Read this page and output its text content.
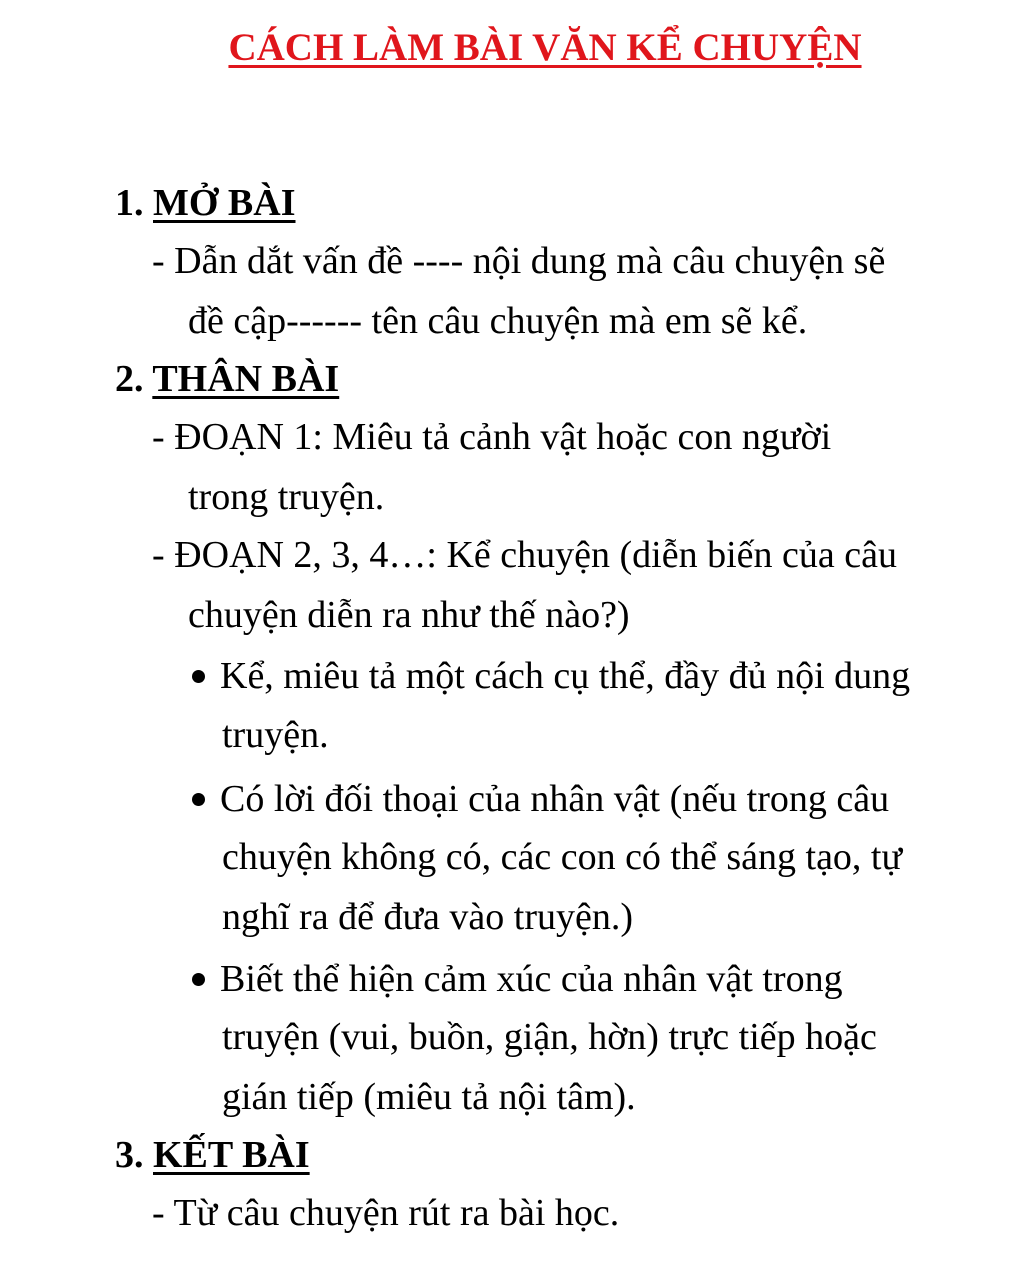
CÁCH LÀM BÀI VĂN KỂ CHUYỆN
1. MỞ BÀI
- Dẫn dắt vấn đề ---- nội dung mà câu chuyện sẽ
đề cập------ tên câu chuyện mà em sẽ kể.
2. THÂN BÀI
- ĐOẠN 1: Miêu tả cảnh vật hoặc con người
trong truyện.
- ĐOẠN 2, 3, 4…: Kể chuyện (diễn biến của câu
chuyện diễn ra như thế nào?)
Kể, miêu tả một cách cụ thể, đầy đủ nội dung
truyện.
Có lời đối thoại của nhân vật (nếu trong câu
chuyện không có, các con có thể sáng tạo, tự
nghĩ ra để đưa vào truyện.)
Biết thể hiện cảm xúc của nhân vật trong
truyện (vui, buồn, giận, hờn) trực tiếp hoặc
gián tiếp (miêu tả nội tâm).
3. KẾT BÀI
- Từ câu chuyện rút ra bài học.
